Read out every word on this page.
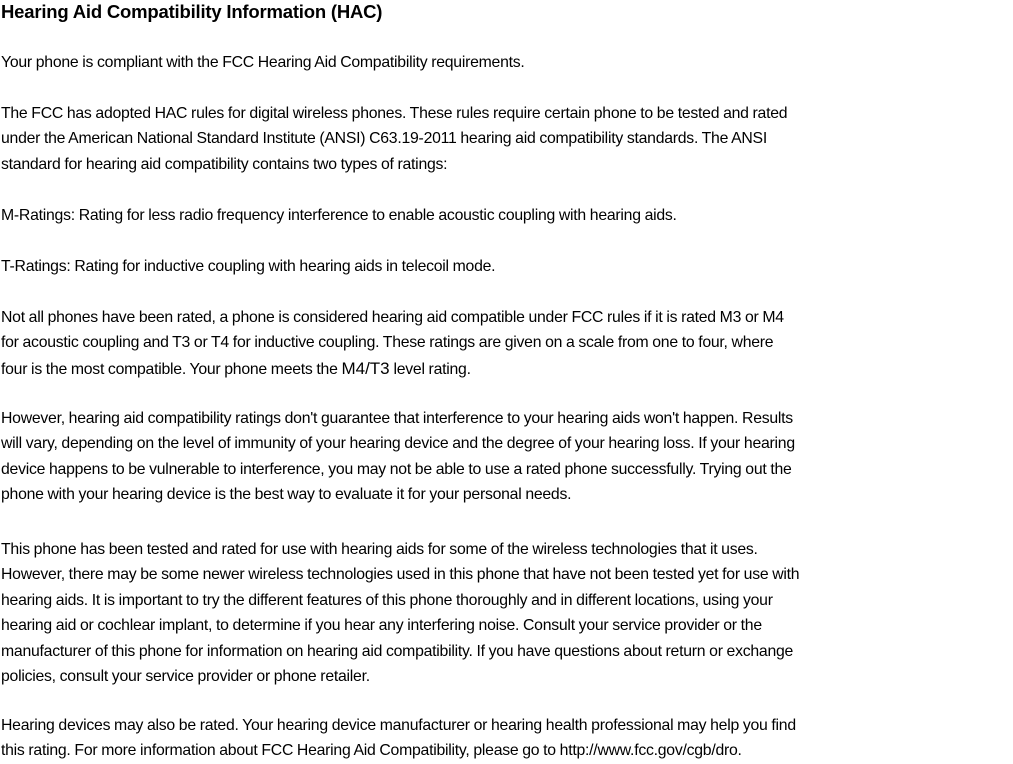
Hearing Aid Compatibility Information (HAC)
Your phone is compliant with the FCC Hearing Aid Compatibility requirements.
The FCC has adopted HAC rules for digital wireless phones. These rules require certain phone to be tested and rated
under the American National Standard Institute (ANSI) C63.19-2011 hearing aid compatibility standards. The ANSI
standard for hearing aid compatibility contains two types of ratings:
M-Ratings: Rating for less radio frequency interference to enable acoustic coupling with hearing aids.
T-Ratings: Rating for inductive coupling with hearing aids in telecoil mode.
Not all phones have been rated, a phone is considered hearing aid compatible under FCC rules if it is rated M3 or M4
for acoustic coupling and T3 or T4 for inductive coupling. These ratings are given on a scale from one to four, where
four is the most compatible. Your phone meets the M4/T3 level rating.
However, hearing aid compatibility ratings don't guarantee that interference to your hearing aids won't happen. Results
will vary, depending on the level of immunity of your hearing device and the degree of your hearing loss. If your hearing
device happens to be vulnerable to interference, you may not be able to use a rated phone successfully. Trying out the
phone with your hearing device is the best way to evaluate it for your personal needs.
This phone has been tested and rated for use with hearing aids for some of the wireless technologies that it uses.
However, there may be some newer wireless technologies used in this phone that have not been tested yet for use with
hearing aids. It is important to try the different features of this phone thoroughly and in different locations, using your
hearing aid or cochlear implant, to determine if you hear any interfering noise. Consult your service provider or the
manufacturer of this phone for information on hearing aid compatibility. If you have questions about return or exchange
policies, consult your service provider or phone retailer.
Hearing devices may also be rated. Your hearing device manufacturer or hearing health professional may help you find
this rating. For more information about FCC Hearing Aid Compatibility, please go to http://www.fcc.gov/cgb/dro.
